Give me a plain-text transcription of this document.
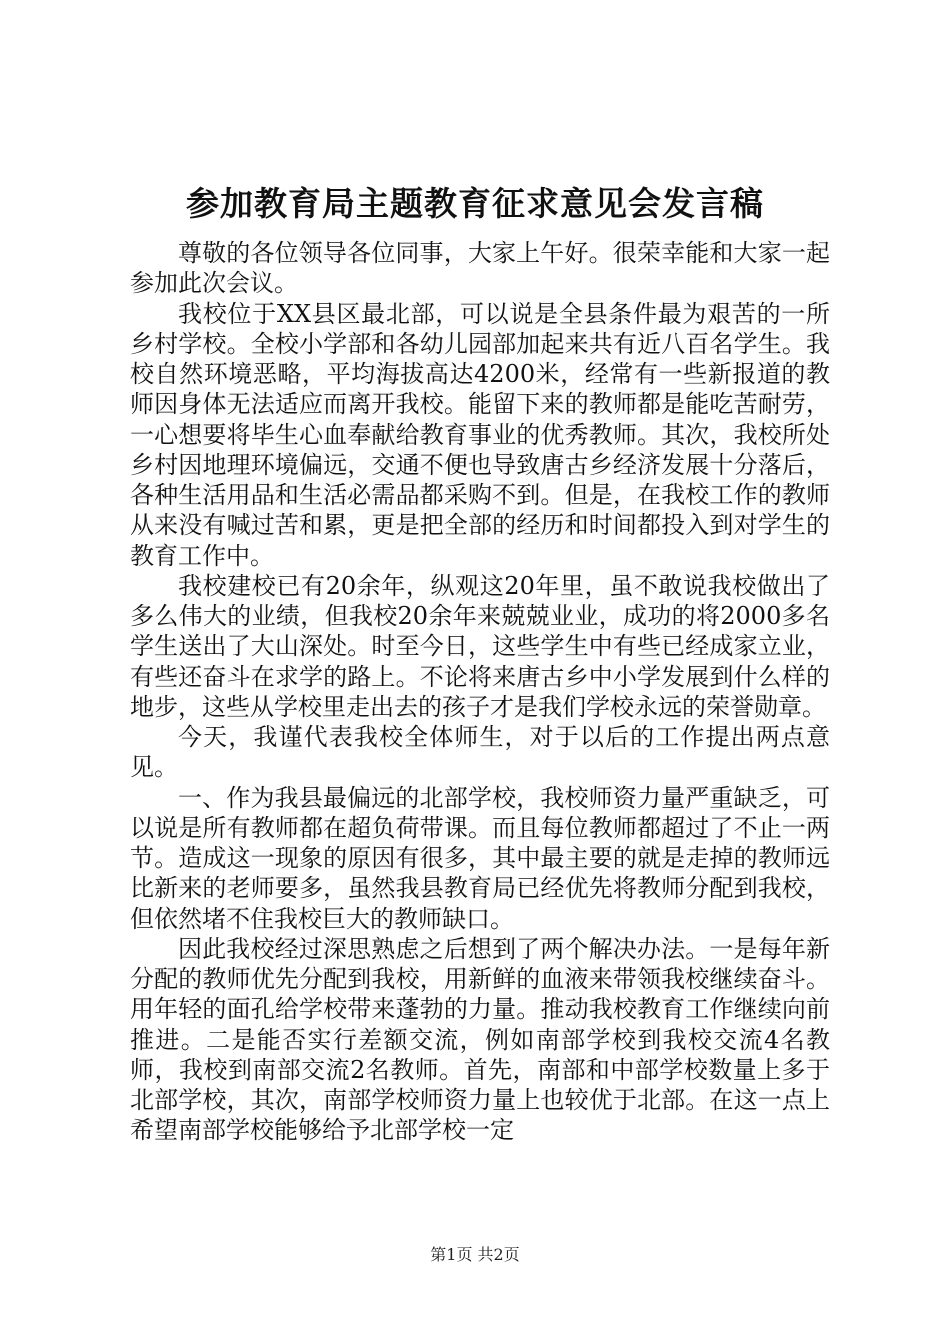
参加教育局主题教育征求意见会发言稿

尊敬的各位领导各位同事，大家上午好。很荣幸能和大家一起参加此次会议。

我校位于XX县区最北部，可以说是全县条件最为艰苦的一所乡村学校。全校小学部和各幼儿园部加起来共有近八百名学生。我校自然环境恶略，平均海拔高达4200米，经常有一些新报道的教师因身体无法适应而离开我校。能留下来的教师都是能吃苦耐劳，一心想要将毕生心血奉献给教育事业的优秀教师。其次，我校所处乡村因地理环境偏远，交通不便也导致唐古乡经济发展十分落后，各种生活用品和生活必需品都采购不到。但是，在我校工作的教师从来没有喊过苦和累，更是把全部的经历和时间都投入到对学生的教育工作中。

我校建校已有20余年，纵观这20年里，虽不敢说我校做出了多么伟大的业绩，但我校20余年来兢兢业业，成功的将2000多名学生送出了大山深处。时至今日，这些学生中有些已经成家立业，有些还奋斗在求学的路上。不论将来唐古乡中小学发展到什么样的地步，这些从学校里走出去的孩子才是我们学校永远的荣誉勋章。

今天，我谨代表我校全体师生，对于以后的工作提出两点意见。

一、作为我县最偏远的北部学校，我校师资力量严重缺乏，可以说是所有教师都在超负荷带课。而且每位教师都超过了不止一两节。造成这一现象的原因有很多，其中最主要的就是走掉的教师远比新来的老师要多，虽然我县教育局已经优先将教师分配到我校，但依然堵不住我校巨大的教师缺口。

因此我校经过深思熟虑之后想到了两个解决办法。一是每年新分配的教师优先分配到我校，用新鲜的血液来带领我校继续奋斗。用年轻的面孔给学校带来蓬勃的力量。推动我校教育工作继续向前推进。二是能否实行差额交流，例如南部学校到我校交流4名教师，我校到南部交流2名教师。首先，南部和中部学校数量上多于北部学校，其次，南部学校师资力量上也较优于北部。在这一点上希望南部学校能够给予北部学校一定

第1页 共2页
